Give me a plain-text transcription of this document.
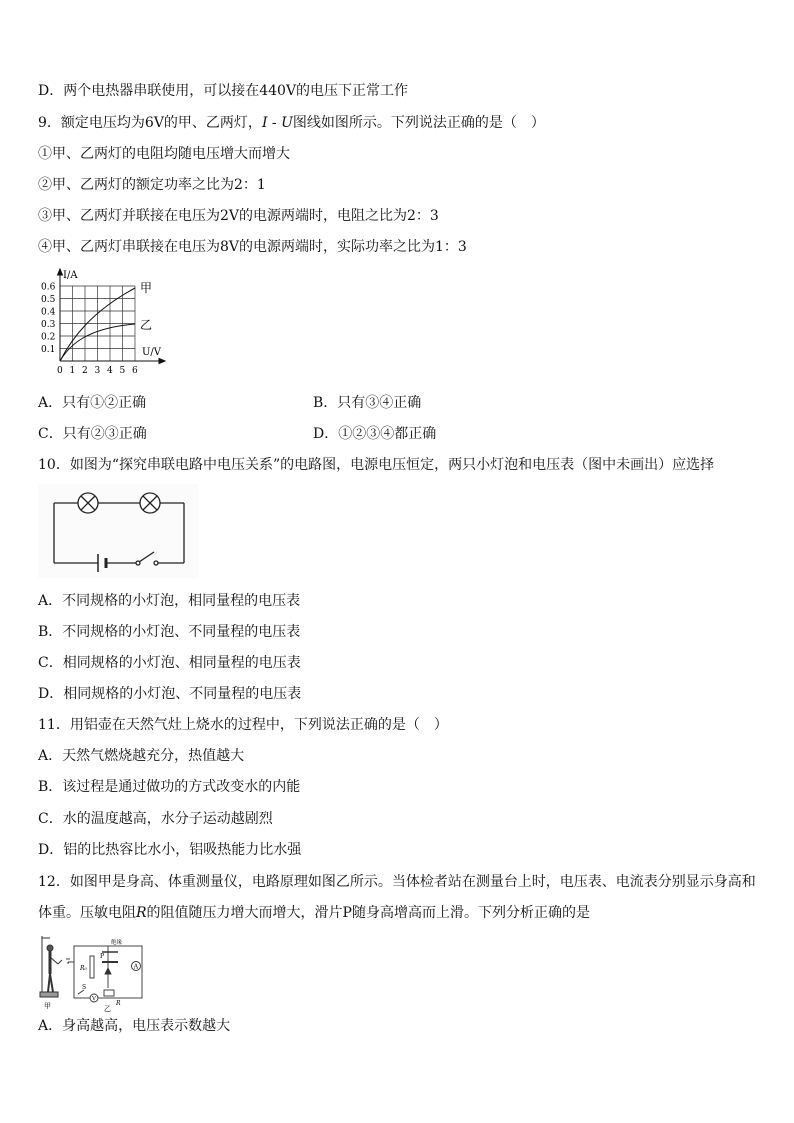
D．两个电热器串联使用，可以接在440V的电压下正常工作
9．额定电压均为6V的甲、乙两灯，I - U图线如图所示。下列说法正确的是（　）
①甲、乙两灯的电阻均随电压增大而增大
②甲、乙两灯的额定功率之比为2：1
③甲、乙两灯并联接在电压为2V的电源两端时，电阻之比为2：3
④甲、乙两灯串联接在电压为8V的电源两端时，实际功率之比为1：3
I/A
U/V
0.6
0.5
0.4
0.3
0.2
0.1
0 1 2 3 4 5 6
甲
乙
A．只有①②正确	B．只有③④正确
C．只有②③正确	D．①②③④都正确
10．如图为“探究串联电路中电压关系”的电路图，电源电压恒定，两只小灯泡和电压表（图中未画出）应选择
A．不同规格的小灯泡，相同量程的电压表
B．不同规格的小灯泡、不同量程的电压表
C．相同规格的小灯泡、相同量程的电压表
D．相同规格的小灯泡、不同量程的电压表
11．用铝壶在天然气灶上烧水的过程中，下列说法正确的是（　）
A．天然气燃烧越充分，热值越大
B．该过程是通过做功的方式改变水的内能
C．水的温度越高，水分子运动越剧烈
D．铝的比热容比水小，铝吸热能力比水强
12．如图甲是身高、体重测量仪，电路原理如图乙所示。当体检者站在测量台上时，电压表、电流表分别显示身高和
体重。压敏电阻R的阻值随压力增大而增大，滑片P随身高增高而上滑。下列分析正确的是
甲
A
V
绝缘
P
R₀
R
S
乙
A．身高越高，电压表示数越大
